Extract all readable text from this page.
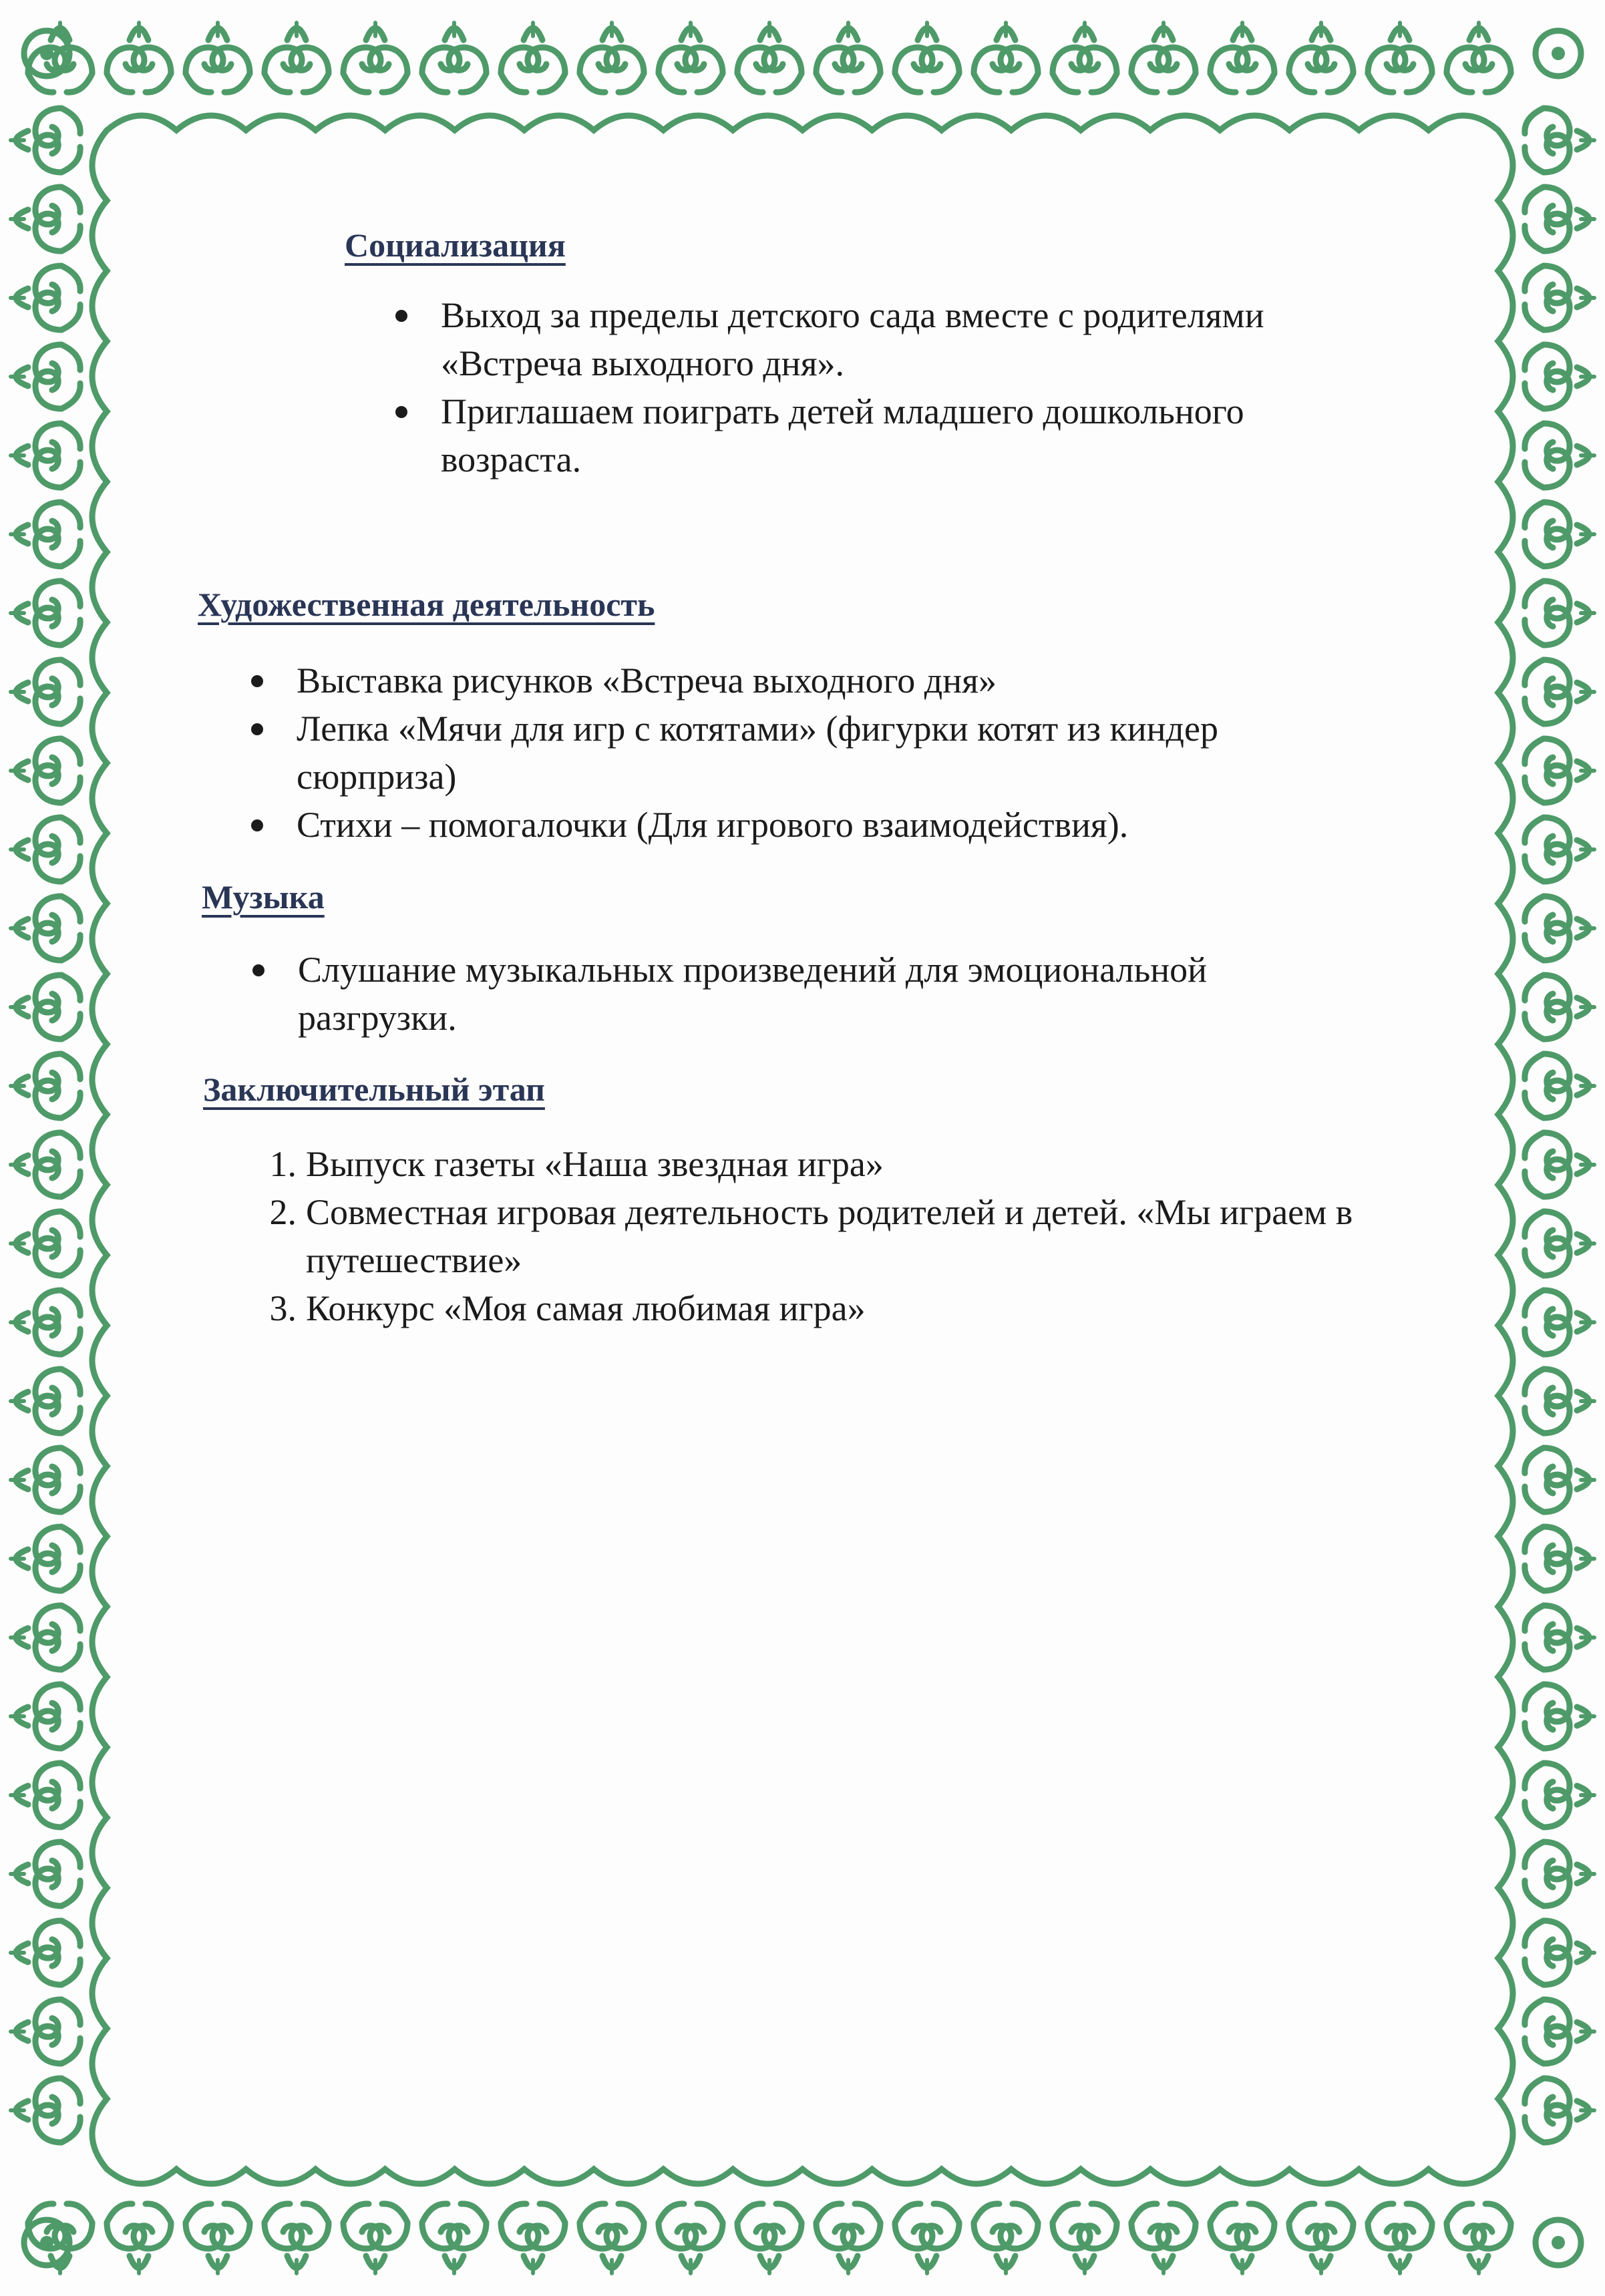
Социализация
Выход за пределы детского сада вместе с родителями «Встреча выходного дня».
Приглашаем поиграть детей младшего дошкольного возраста.
Художественная деятельность
Выставка рисунков «Встреча выходного дня»
Лепка «Мячи для игр с котятами» (фигурки котят из киндер сюрприза)
Стихи – помогалочки (Для игрового взаимодействия).
Музыка
Слушание музыкальных произведений для эмоциональной разгрузки.
Заключительный этап
1. Выпуск газеты «Наша звездная игра»
2. Совместная игровая деятельность родителей и детей. «Мы играем в путешествие»
3. Конкурс «Моя самая любимая игра»
